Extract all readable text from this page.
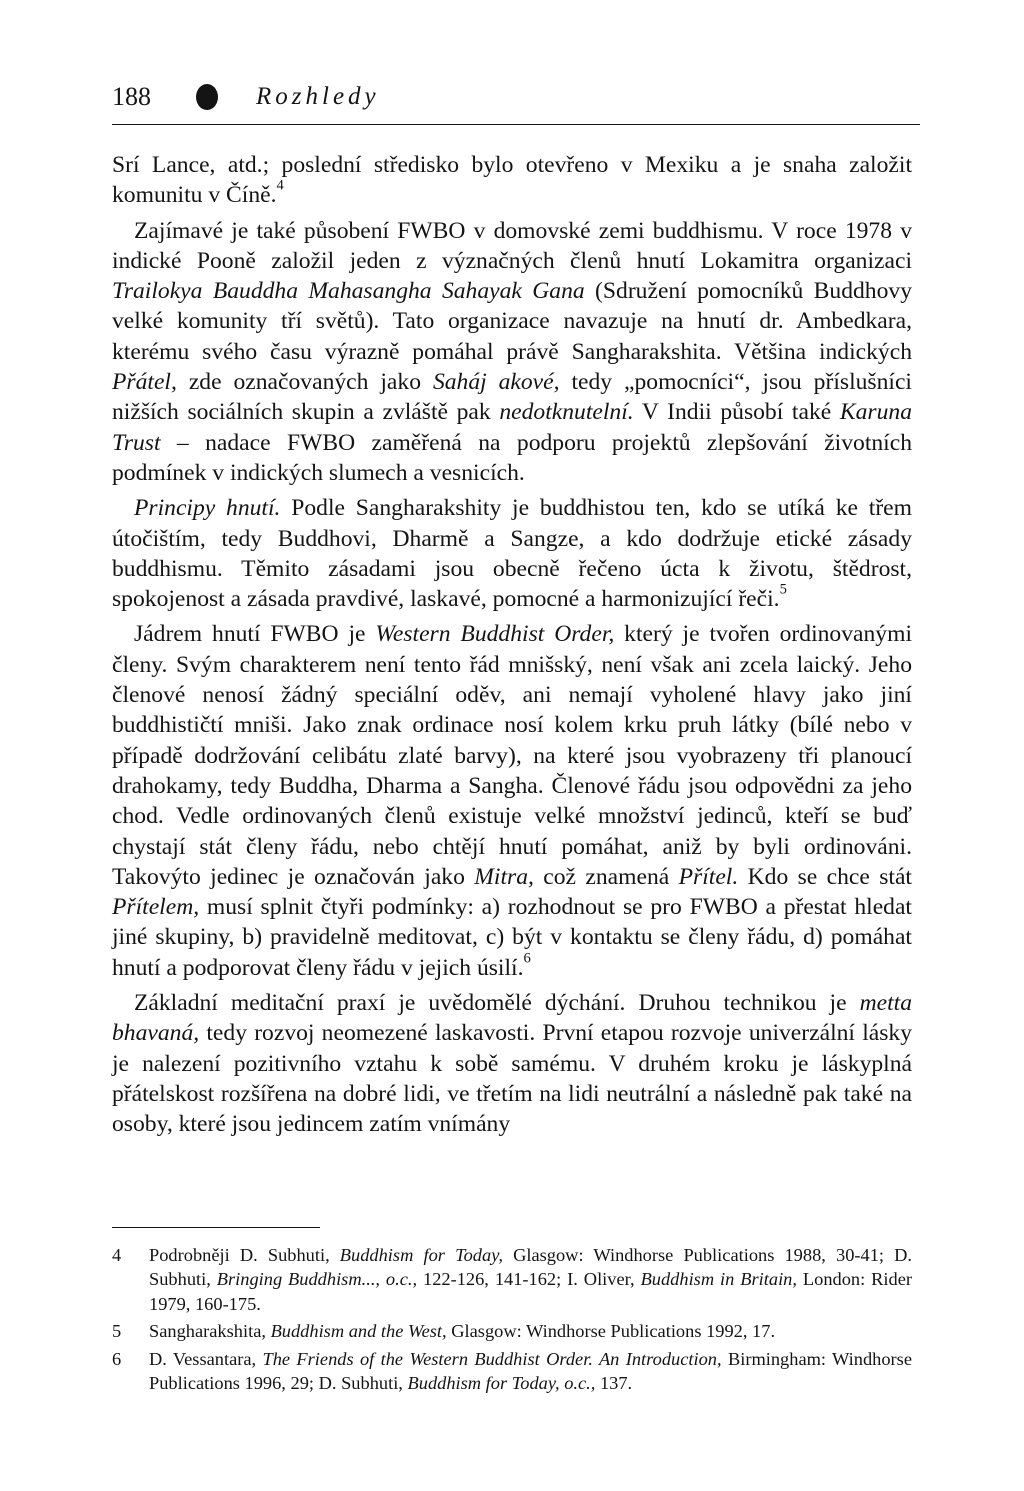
188	Rozhledy

Srí Lance, atd.; poslední středisko bylo otevřeno v Mexiku a je snaha založit komunitu v Číně.$^4$

Zajímavé je také působení FWBO v domovské zemi buddhismu. V roce 1978 v indické Pooně založil jeden z význačných členů hnutí Lokamitra organizaci Trailokya Bauddha Mahasangha Sahayak Gana (Sdružení pomocníků Buddhovy velké komunity tří světů). Tato organizace navazuje na hnutí dr. Ambedkara, kterému svého času výrazně pomáhal právě Sangharakshita. Většina indických Přátel, zde označovaných jako Saháj akové, tedy „pomocníci“, jsou příslušníci nižších sociálních skupin a zvláště pak nedotknutelní. V Indii působí také Karuna Trust – nadace FWBO zaměřená na podporu projektů zlepšování životních podmínek v indických slumech a vesnicích.

Principy hnutí. Podle Sangharakshity je buddhistou ten, kdo se utíká ke třem útočištím, tedy Buddhovi, Dharmě a Sangze, a kdo dodržuje etické zásady buddhismu. Těmito zásadami jsou obecně řečeno úcta k životu, štědrost, spokojenost a zásada pravdivé, laskavé, pomocné a harmonizující řeči.$^5$

Jádrem hnutí FWBO je Western Buddhist Order, který je tvořen ordinovanými členy. Svým charakterem není tento řád mnišský, není však ani zcela laický. Jeho členové nenosí žádný speciální oděv, ani nemají vyholené hlavy jako jiní buddhističtí mniši. Jako znak ordinace nosí kolem krku pruh látky (bílé nebo v případě dodržování celibátu zlaté barvy), na které jsou vyobrazeny tři planoucí drahokamy, tedy Buddha, Dharma a Sangha. Členové řádu jsou odpovědni za jeho chod. Vedle ordinovaných členů existuje velké množství jedinců, kteří se buď chystají stát členy řádu, nebo chtějí hnutí pomáhat, aniž by byli ordinováni. Takovýto jedinec je označován jako Mitra, což znamená Přítel. Kdo se chce stát Přítelem, musí splnit čtyři podmínky: a) rozhodnout se pro FWBO a přestat hledat jiné skupiny, b) pravidelně meditovat, c) být v kontaktu se členy řádu, d) pomáhat hnutí a podporovat členy řádu v jejich úsilí.$^6$

Základní meditační praxí je uvědomělé dýchání. Druhou technikou je metta bhavaná, tedy rozvoj neomezené laskavosti. První etapou rozvoje univerzální lásky je nalezení pozitivního vztahu k sobě samému. V druhém kroku je láskyplná přátelskost rozšířena na dobré lidi, ve třetím na lidi neutrální a následně pak také na osoby, které jsou jedincem zatím vnímány

4 Podrobněji D. Subhuti, Buddhism for Today, Glasgow: Windhorse Publications 1988, 30-41; D. Subhuti, Bringing Buddhism..., o.c., 122-126, 141-162; I. Oliver, Buddhism in Britain, London: Rider 1979, 160-175.
5 Sangharakshita, Buddhism and the West, Glasgow: Windhorse Publications 1992, 17.
6 D. Vessantara, The Friends of the Western Buddhist Order. An Introduction, Birmingham: Windhorse Publications 1996, 29; D. Subhuti, Buddhism for Today, o.c., 137.
